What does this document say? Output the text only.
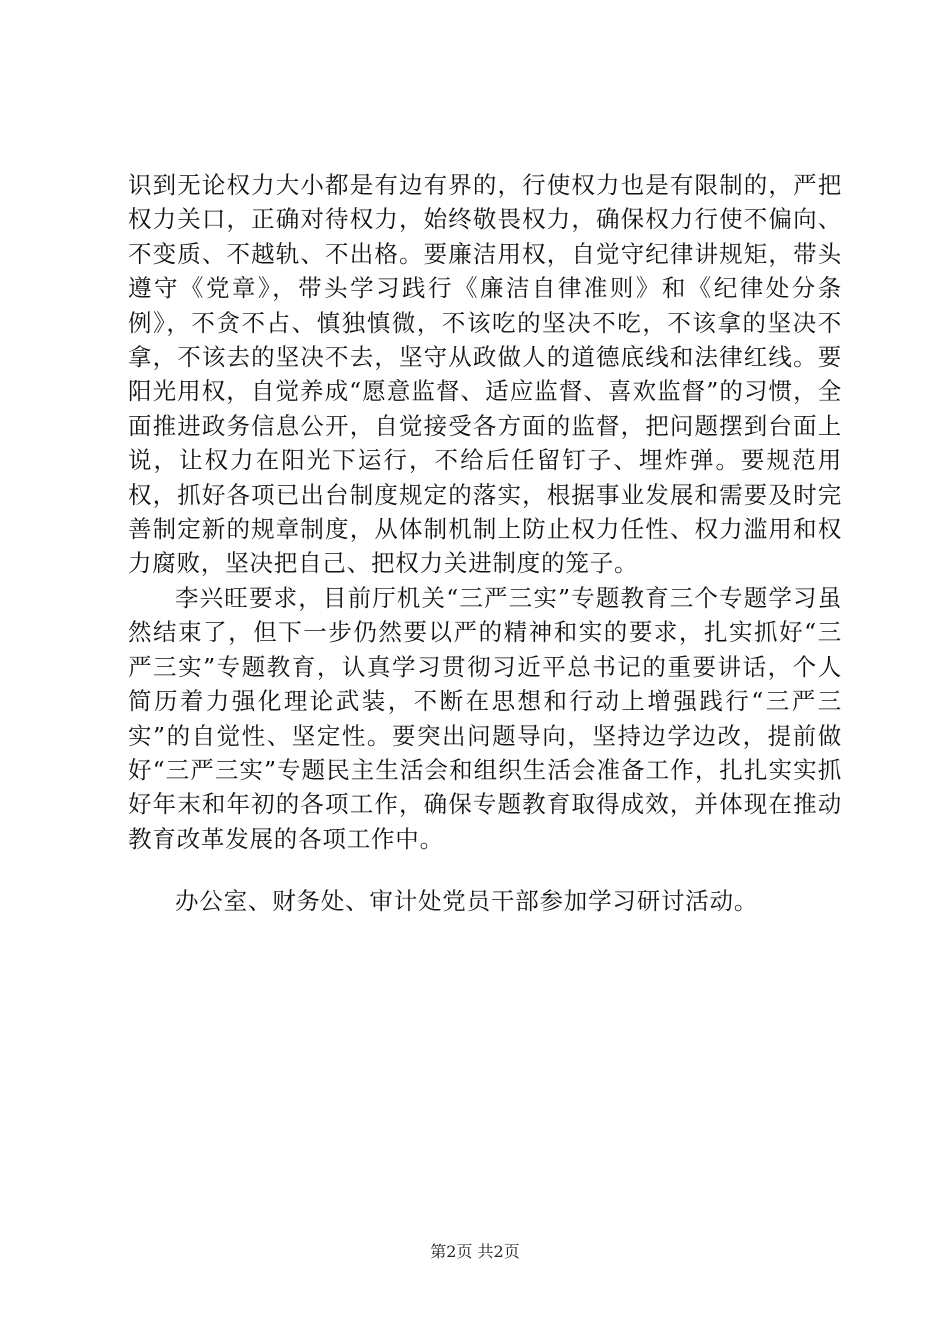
识到无论权力大小都是有边有界的，行使权力也是有限制的，严把权力关口，正确对待权力，始终敬畏权力，确保权力行使不偏向、不变质、不越轨、不出格。要廉洁用权，自觉守纪律讲规矩，带头遵守《党章》，带头学习践行《廉洁自律准则》和《纪律处分条例》，不贪不占、慎独慎微，不该吃的坚决不吃，不该拿的坚决不拿，不该去的坚决不去，坚守从政做人的道德底线和法律红线。要阳光用权，自觉养成“愿意监督、适应监督、喜欢监督”的习惯，全面推进政务信息公开，自觉接受各方面的监督，把问题摆到台面上说，让权力在阳光下运行，不给后任留钉子、埋炸弹。要规范用权，抓好各项已出台制度规定的落实，根据事业发展和需要及时完善制定新的规章制度，从体制机制上防止权力任性、权力滥用和权力腐败，坚决把自己、把权力关进制度的笼子。

李兴旺要求，目前厅机关“三严三实”专题教育三个专题学习虽然结束了，但下一步仍然要以严的精神和实的要求，扎实抓好“三严三实”专题教育，认真学习贯彻习近平总书记的重要讲话，个人简历着力强化理论武装，不断在思想和行动上增强践行“三严三实”的自觉性、坚定性。要突出问题导向，坚持边学边改，提前做好“三严三实”专题民主生活会和组织生活会准备工作，扎扎实实抓好年末和年初的各项工作，确保专题教育取得成效，并体现在推动教育改革发展的各项工作中。

办公室、财务处、审计处党员干部参加学习研讨活动。

第2页 共2页
